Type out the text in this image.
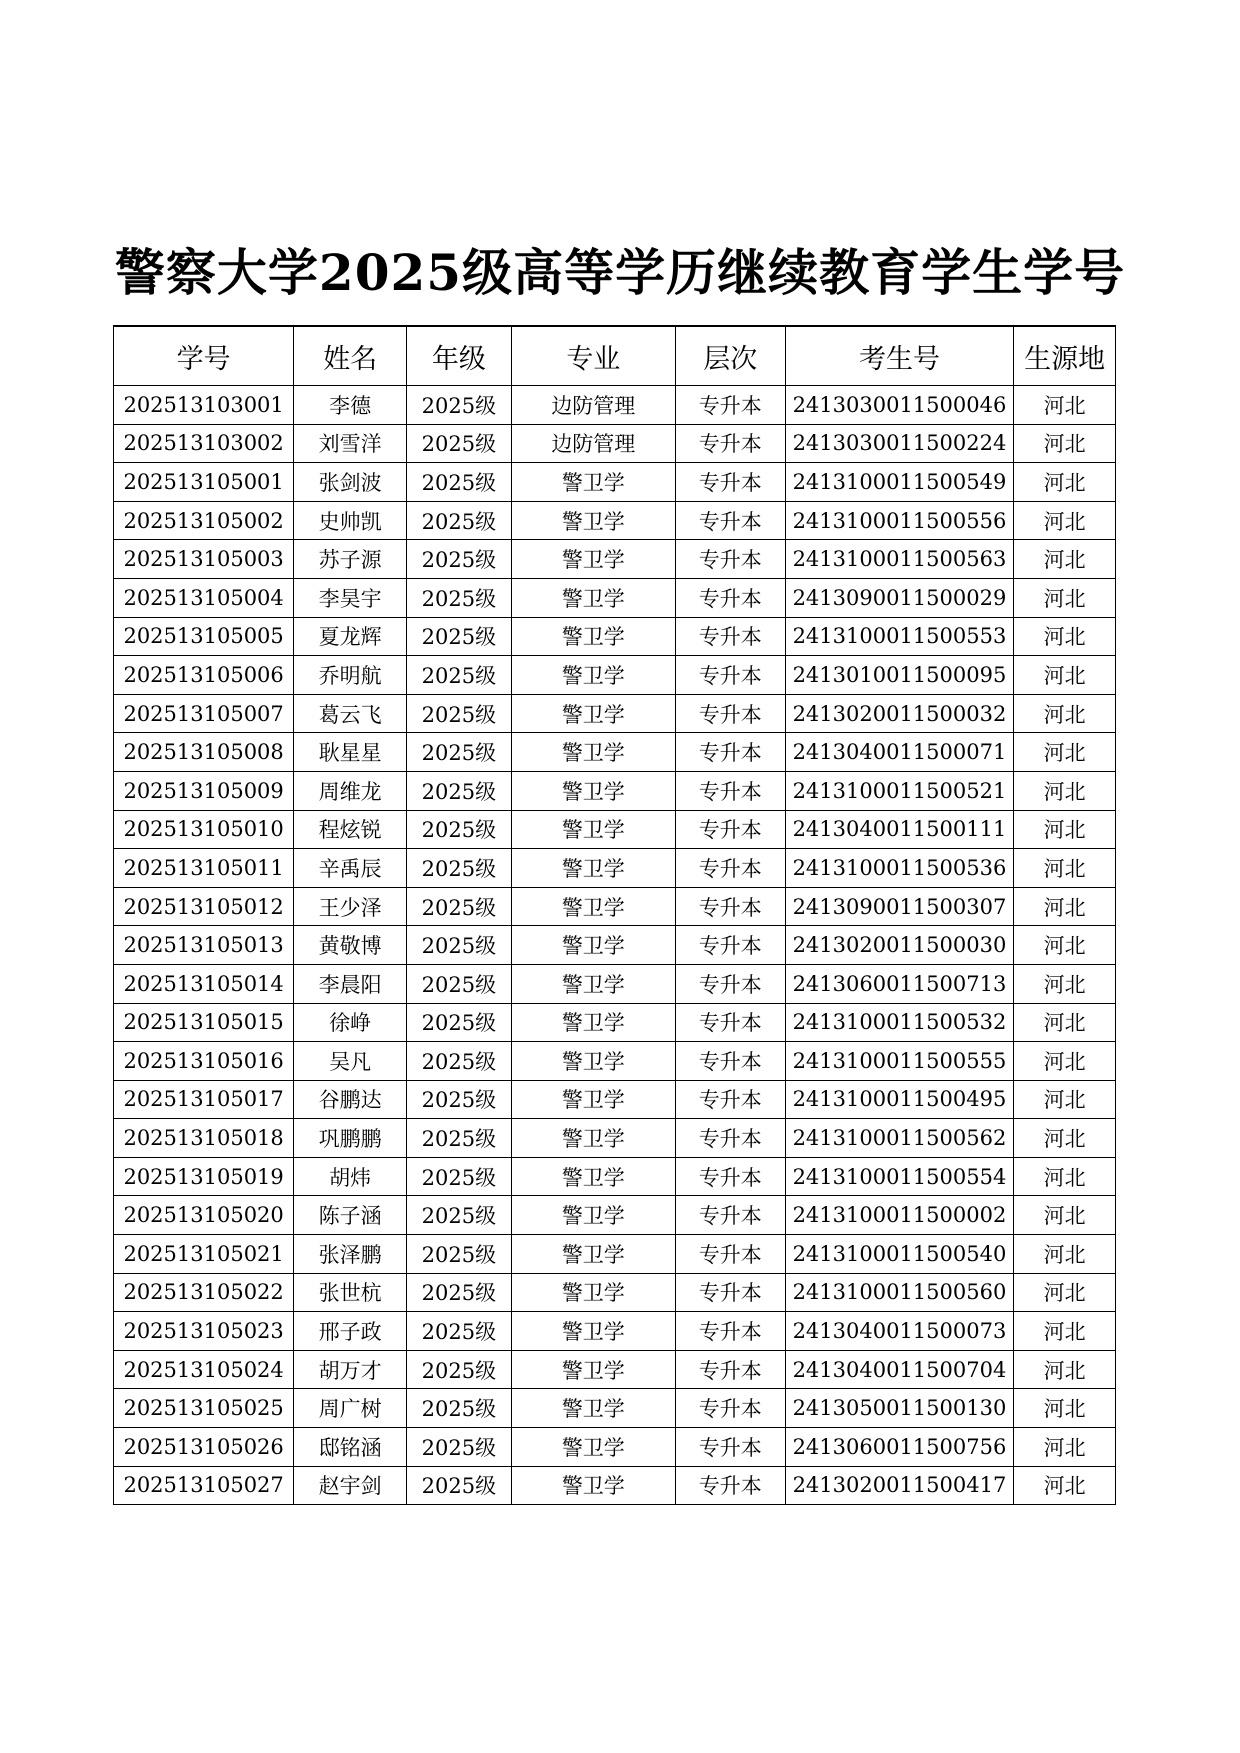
警察大学2025级高等学历继续教育学生学号
学号	姓名	年级	专业	层次	考生号	生源地
202513103001	李德	2025级	边防管理	专升本	2413030011500046	河北
202513103002	刘雪洋	2025级	边防管理	专升本	2413030011500224	河北
202513105001	张剑波	2025级	警卫学	专升本	2413100011500549	河北
202513105002	史帅凯	2025级	警卫学	专升本	2413100011500556	河北
202513105003	苏子源	2025级	警卫学	专升本	2413100011500563	河北
202513105004	李昊宇	2025级	警卫学	专升本	2413090011500029	河北
202513105005	夏龙辉	2025级	警卫学	专升本	2413100011500553	河北
202513105006	乔明航	2025级	警卫学	专升本	2413010011500095	河北
202513105007	葛云飞	2025级	警卫学	专升本	2413020011500032	河北
202513105008	耿星星	2025级	警卫学	专升本	2413040011500071	河北
202513105009	周维龙	2025级	警卫学	专升本	2413100011500521	河北
202513105010	程炫锐	2025级	警卫学	专升本	2413040011500111	河北
202513105011	辛禹辰	2025级	警卫学	专升本	2413100011500536	河北
202513105012	王少泽	2025级	警卫学	专升本	2413090011500307	河北
202513105013	黄敬博	2025级	警卫学	专升本	2413020011500030	河北
202513105014	李晨阳	2025级	警卫学	专升本	2413060011500713	河北
202513105015	徐峥	2025级	警卫学	专升本	2413100011500532	河北
202513105016	吴凡	2025级	警卫学	专升本	2413100011500555	河北
202513105017	谷鹏达	2025级	警卫学	专升本	2413100011500495	河北
202513105018	巩鹏鹏	2025级	警卫学	专升本	2413100011500562	河北
202513105019	胡炜	2025级	警卫学	专升本	2413100011500554	河北
202513105020	陈子涵	2025级	警卫学	专升本	2413100011500002	河北
202513105021	张泽鹏	2025级	警卫学	专升本	2413100011500540	河北
202513105022	张世杭	2025级	警卫学	专升本	2413100011500560	河北
202513105023	邢子政	2025级	警卫学	专升本	2413040011500073	河北
202513105024	胡万才	2025级	警卫学	专升本	2413040011500704	河北
202513105025	周广树	2025级	警卫学	专升本	2413050011500130	河北
202513105026	邸铭涵	2025级	警卫学	专升本	2413060011500756	河北
202513105027	赵宇剑	2025级	警卫学	专升本	2413020011500417	河北
